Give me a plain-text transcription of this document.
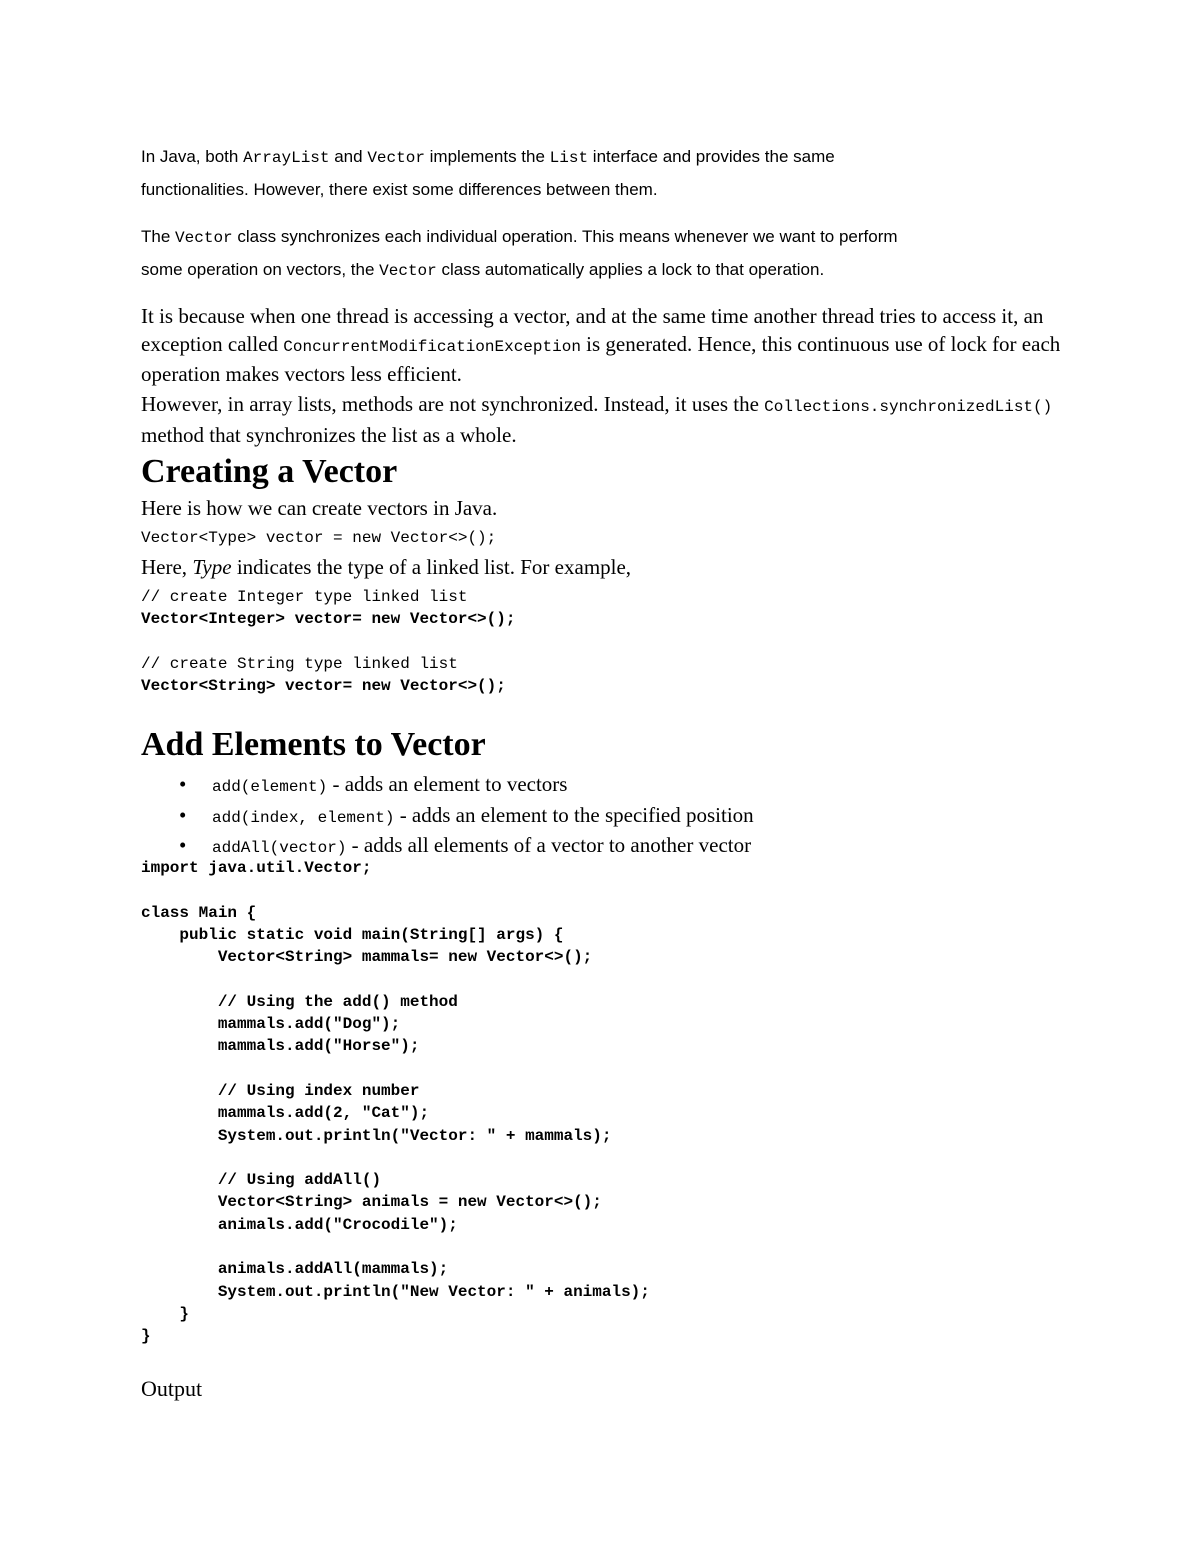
In Java, both ArrayList and Vector implements the List interface and provides the same

functionalities. However, there exist some differences between them.

The Vector class synchronizes each individual operation. This means whenever we want to perform

some operation on vectors, the Vector class automatically applies a lock to that operation.

It is because when one thread is accessing a vector, and at the same time another thread tries to access it, an exception called ConcurrentModificationException is generated. Hence, this continuous use of lock for each operation makes vectors less efficient.

However, in array lists, methods are not synchronized. Instead, it uses the Collections.synchronizedList() method that synchronizes the list as a whole.

Creating a Vector

Here is how we can create vectors in Java.

Vector<Type> vector = new Vector<>();

Here, Type indicates the type of a linked list. For example,

// create Integer type linked list
Vector<Integer> vector= new Vector<>();

// create String type linked list
Vector<String> vector= new Vector<>();
Add Elements to Vector
• add(element) - adds an element to vectors
• add(index, element) - adds an element to the specified position
• addAll(vector) - adds all elements of a vector to another vector
import java.util.Vector;

class Main {
public static void main(String[] args) {
Vector<String> mammals= new Vector<>();

// Using the add() method
mammals.add("Dog");
mammals.add("Horse");

// Using index number
mammals.add(2, "Cat");
System.out.println("Vector: " + mammals);

// Using addAll()
Vector<String> animals = new Vector<>();
animals.add("Crocodile");

animals.addAll(mammals);
System.out.println("New Vector: " + animals);
}
}

Output
